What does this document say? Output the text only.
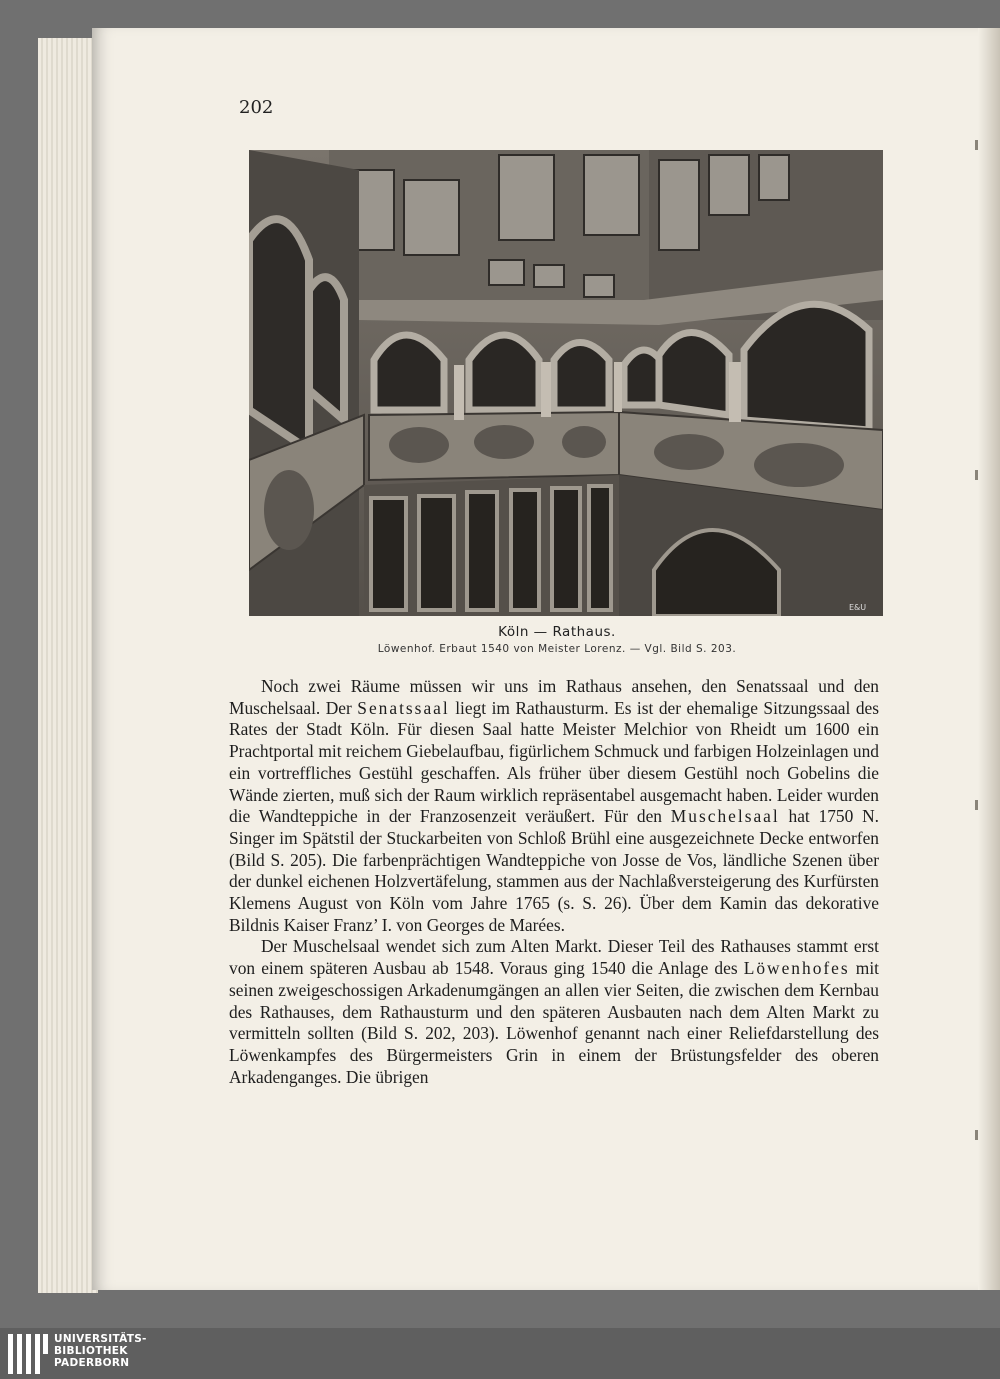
202
E&U
Köln — Rathaus.
Löwenhof. Erbaut 1540 von Meister Lorenz. — Vgl. Bild S. 203.

Noch zwei Räume müssen wir uns im Rathaus ansehen, den Senatssaal und den Muschelsaal. Der Senatssaal liegt im Rathausturm. Es ist der ehemalige Sitzungssaal des Rates der Stadt Köln. Für diesen Saal hatte Meister Melchior von Rheidt um 1600 ein Prachtportal mit reichem Giebelaufbau, figürlichem Schmuck und farbigen Holzeinlagen und ein vortreffliches Gestühl geschaffen. Als früher über diesem Gestühl noch Gobelins die Wände zierten, muß sich der Raum wirklich repräsentabel ausgemacht haben. Leider wurden die Wandteppiche in der Franzosenzeit veräußert. Für den Muschelsaal hat 1750 N. Singer im Spätstil der Stuckarbeiten von Schloß Brühl eine ausgezeichnete Decke entworfen (Bild S. 205). Die farbenprächtigen Wandteppiche von Josse de Vos, ländliche Szenen über der dunkel eichenen Holzvertäfelung, stammen aus der Nachlaßversteigerung des Kurfürsten Klemens August von Köln vom Jahre 1765 (s. S. 26). Über dem Kamin das dekorative Bildnis Kaiser Franz’ I. von Georges de Marées.

Der Muschelsaal wendet sich zum Alten Markt. Dieser Teil des Rathauses stammt erst von einem späteren Ausbau ab 1548. Voraus ging 1540 die Anlage des Löwenhofes mit seinen zweigeschossigen Arkadenumgängen an allen vier Seiten, die zwischen dem Kernbau des Rathauses, dem Rathausturm und den späteren Ausbauten nach dem Alten Markt zu vermitteln sollten (Bild S. 202, 203). Löwenhof genannt nach einer Reliefdarstellung des Löwenkampfes des Bürgermeisters Grin in einem der Brüstungsfelder des oberen Arkadenganges. Die übrigen

UNIVERSITÄTS-
BIBLIOTHEK
PADERBORN
